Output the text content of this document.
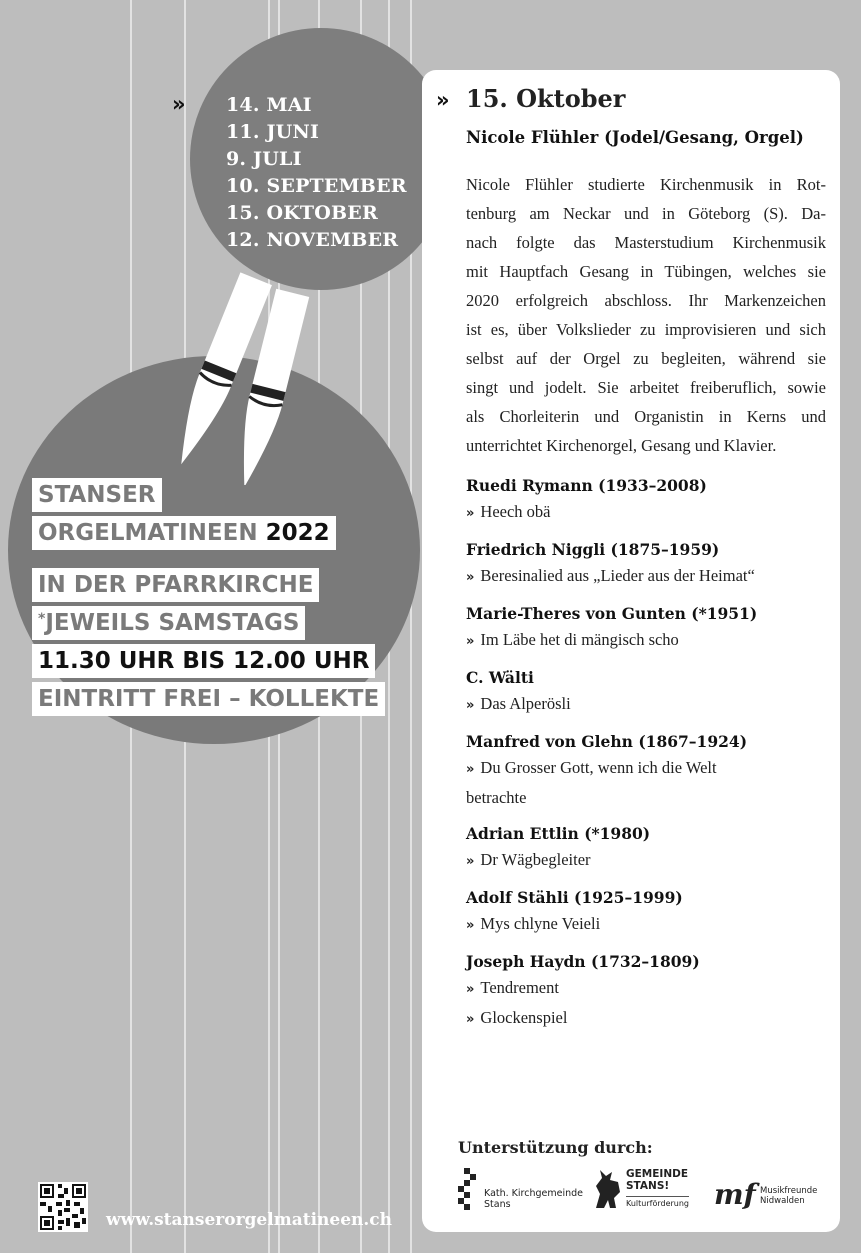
» 14. MAI
11. JUNI
9. JULI
10. SEPTEMBER
15. OKTOBER
12. NOVEMBER
STANSER
ORGELMATINEEN 2022
IN DER PFARRKIRCHE
*JEWEILS SAMSTAGS
11.30 UHR BIS 12.00 UHR
EINTRITT FREI – KOLLEKTE
» 15. Oktober
Nicole Flühler (Jodel/Gesang, Orgel)
Nicole Flühler studierte Kirchenmusik in Rot-
tenburg am Neckar und in Göteborg (S). Da-
nach folgte das Masterstudium Kirchenmusik
mit Hauptfach Gesang in Tübingen, welches sie
2020 erfolgreich abschloss. Ihr Markenzeichen
ist es, über Volkslieder zu improvisieren und sich
selbst auf der Orgel zu begleiten, während sie
singt und jodelt. Sie arbeitet freiberuflich, sowie
als Chorleiterin und Organistin in Kerns und
unterrichtet Kirchenorgel, Gesang und Klavier.
Ruedi Rymann (1933–2008)
» Heech obä
Friedrich Niggli (1875–1959)
» Beresinalied aus „Lieder aus der Heimat“
Marie-Theres von Gunten (*1951)
» Im Läbe het di mängisch scho
C. Wälti
» Das Alperösli
Manfred von Glehn (1867–1924)
» Du Grosser Gott, wenn ich die Welt
betrachte
Adrian Ettlin (*1980)
» Dr Wägbegleiter
Adolf Stähli (1925–1999)
» Mys chlyne Veieli
Joseph Haydn (1732–1809)
» Tendrement
» Glockenspiel
Unterstützung durch:
Kath. Kirchgemeinde
Stans
GEMEINDE
STANS!
Kulturförderung mf Musikfreunde
Nidwalden
www.stanserorgelmatineen.ch
